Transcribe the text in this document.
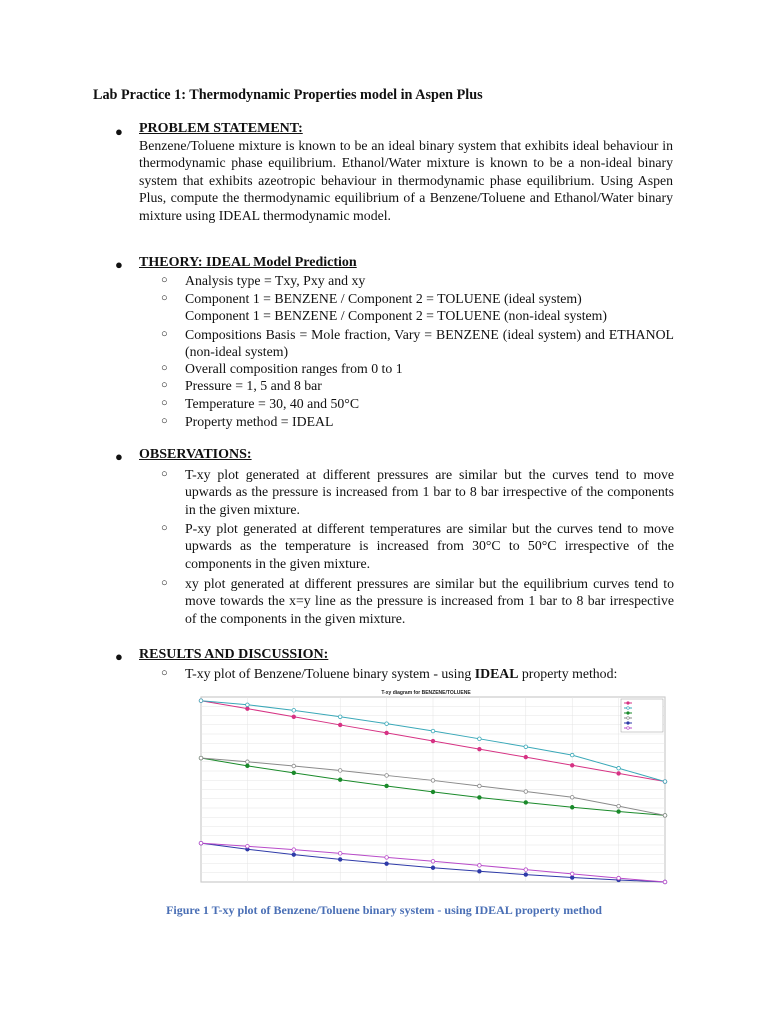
Lab Practice 1: Thermodynamic Properties model in Aspen Plus
● PROBLEM STATEMENT:
Benzene/Toluene mixture is known to be an ideal binary system that exhibits ideal behaviour in thermodynamic phase equilibrium. Ethanol/Water mixture is known to be a non-ideal binary system that exhibits azeotropic behaviour in thermodynamic phase equilibrium. Using Aspen Plus, compute the thermodynamic equilibrium of a Benzene/Toluene and Ethanol/Water binary mixture using IDEAL thermodynamic model.
● THEORY: IDEAL Model Prediction
○	Analysis type = Txy, Pxy and xy
○	Component 1 = BENZENE / Component 2 = TOLUENE (ideal system)
Component 1 = BENZENE / Component 2 = TOLUENE (non-ideal system)
○	Compositions Basis = Mole fraction, Vary = BENZENE (ideal system) and ETHANOL (non-ideal system)
○	Overall composition ranges from 0 to 1
○	Pressure = 1, 5 and 8 bar
○	Temperature = 30, 40 and 50°C
○	Property method = IDEAL
● OBSERVATIONS:
○	T-xy plot generated at different pressures are similar but the curves tend to move upwards as the pressure is increased from 1 bar to 8 bar irrespective of the components in the given mixture.
○	P-xy plot generated at different temperatures are similar but the curves tend to move upwards as the temperature is increased from 30°C to 50°C irrespective of the components in the given mixture.
○	xy plot generated at different pressures are similar but the equilibrium curves tend to move towards the x=y line as the pressure is increased from 1 bar to 8 bar irrespective of the components in the given mixture.
● RESULTS AND DISCUSSION:
○	T-xy plot of Benzene/Toluene binary system - using IDEAL property method:
T-xy diagram for BENZENE/TOLUENE
Figure 1 T-xy plot of Benzene/Toluene binary system - using IDEAL property method
